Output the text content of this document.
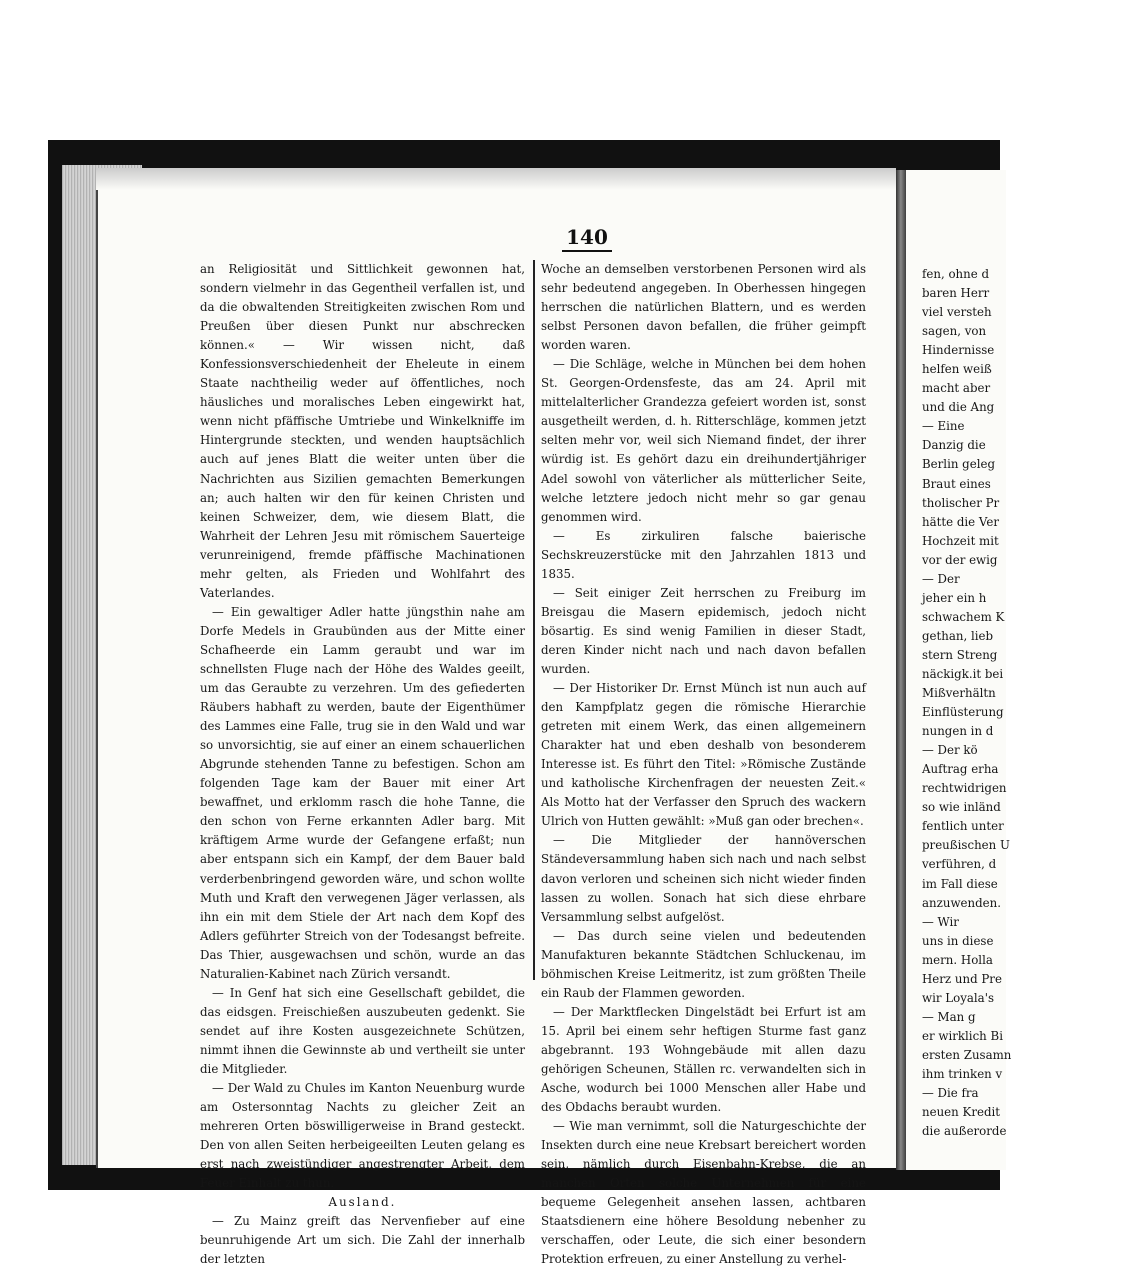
140

an Religiosität und Sittlichkeit gewonnen hat, sondern vielmehr in das Gegentheil verfallen ist, und da die obwaltenden Streitigkeiten zwischen Rom und Preußen über diesen Punkt nur abschrecken können.« — Wir wissen nicht, daß Konfessionsverschiedenheit der Eheleute in einem Staate nachtheilig weder auf öffentliches, noch häusliches und moralisches Leben eingewirkt hat, wenn nicht pfäffische Umtriebe und Winkelkniffe im Hintergrunde steckten, und wenden hauptsächlich auch auf jenes Blatt die weiter unten über die Nachrichten aus Sizilien gemachten Bemerkungen an; auch halten wir den für keinen Christen und keinen Schweizer, dem, wie diesem Blatt, die Wahrheit der Lehren Jesu mit römischem Sauerteige verunreinigend, fremde pfäffische Machinationen mehr gelten, als Frieden und Wohlfahrt des Vaterlandes.

— Ein gewaltiger Adler hatte jüngsthin nahe am Dorfe Medels in Graubünden aus der Mitte einer Schafheerde ein Lamm geraubt und war im schnellsten Fluge nach der Höhe des Waldes geeilt, um das Geraubte zu verzehren. Um des gefiederten Räubers habhaft zu werden, baute der Eigenthümer des Lammes eine Falle, trug sie in den Wald und war so unvorsichtig, sie auf einer an einem schauerlichen Abgrunde stehenden Tanne zu befestigen. Schon am folgenden Tage kam der Bauer mit einer Art bewaffnet, und erklomm rasch die hohe Tanne, die den schon von Ferne erkannten Adler barg. Mit kräftigem Arme wurde der Gefangene erfaßt; nun aber entspann sich ein Kampf, der dem Bauer bald verderbenbringend geworden wäre, und schon wollte Muth und Kraft den verwegenen Jäger verlassen, als ihn ein mit dem Stiele der Art nach dem Kopf des Adlers geführter Streich von der Todesangst befreite. Das Thier, ausgewachsen und schön, wurde an das Naturalien-Kabinet nach Zürich versandt.

— In Genf hat sich eine Gesellschaft gebildet, die das eidsgen. Freischießen auszubeuten gedenkt. Sie sendet auf ihre Kosten ausgezeichnete Schützen, nimmt ihnen die Gewinnste ab und vertheilt sie unter die Mitglieder.

— Der Wald zu Chules im Kanton Neuenburg wurde am Ostersonntag Nachts zu gleicher Zeit an mehreren Orten böswilligerweise in Brand gesteckt. Den von allen Seiten herbeigeeilten Leuten gelang es erst nach zweistündiger angestrengter Arbeit, dem Feuer Einhalt zu thun.

Ausland.

— Zu Mainz greift das Nervenfieber auf eine beunruhigende Art um sich. Die Zahl der innerhalb der letzten

Woche an demselben verstorbenen Personen wird als sehr bedeutend angegeben. In Oberhessen hingegen herrschen die natürlichen Blattern, und es werden selbst Personen davon befallen, die früher geimpft worden waren.

— Die Schläge, welche in München bei dem hohen St. Georgen-Ordensfeste, das am 24. April mit mittelalterlicher Grandezza gefeiert worden ist, sonst ausgetheilt werden, d. h. Ritterschläge, kommen jetzt selten mehr vor, weil sich Niemand findet, der ihrer würdig ist. Es gehört dazu ein dreihundertjähriger Adel sowohl von väterlicher als mütterlicher Seite, welche letztere jedoch nicht mehr so gar genau genommen wird.

— Es zirkuliren falsche baierische Sechskreuzerstücke mit den Jahrzahlen 1813 und 1835.

— Seit einiger Zeit herrschen zu Freiburg im Breisgau die Masern epidemisch, jedoch nicht bösartig. Es sind wenig Familien in dieser Stadt, deren Kinder nicht nach und nach davon befallen wurden.

— Der Historiker Dr. Ernst Münch ist nun auch auf den Kampfplatz gegen die römische Hierarchie getreten mit einem Werk, das einen allgemeinern Charakter hat und eben deshalb von besonderem Interesse ist. Es führt den Titel: »Römische Zustände und katholische Kirchenfragen der neuesten Zeit.« Als Motto hat der Verfasser den Spruch des wackern Ulrich von Hutten gewählt: »Muß gan oder brechen«.

— Die Mitglieder der hannöverschen Ständeversammlung haben sich nach und nach selbst davon verloren und scheinen sich nicht wieder finden lassen zu wollen. Sonach hat sich diese ehrbare Versammlung selbst aufgelöst.

— Das durch seine vielen und bedeutenden Manufakturen bekannte Städtchen Schluckenau, im böhmischen Kreise Leitmeritz, ist zum größten Theile ein Raub der Flammen geworden.

— Der Marktflecken Dingelstädt bei Erfurt ist am 15. April bei einem sehr heftigen Sturme fast ganz abgebrannt. 193 Wohngebäude mit allen dazu gehörigen Scheunen, Ställen rc. verwandelten sich in Asche, wodurch bei 1000 Menschen aller Habe und des Obdachs beraubt wurden.

— Wie man vernimmt, soll die Naturgeschichte der Insekten durch eine neue Krebsart bereichert worden sein, nämlich durch Eisenbahn-Krebse, die an manchen Orten solche Unternehmen für eine bequeme Gelegenheit ansehen lassen, achtbaren Staatsdienern eine höhere Besoldung nebenher zu verschaffen, oder Leute, die sich einer besondern Protektion erfreuen, zu einer Anstellung zu verhel-

fen, ohne d
baren Herr
viel versteh
sagen, von
Hindernisse
helfen weiß
macht aber
und die Ang
— Eine
Danzig die
Berlin geleg
Braut eines
tholischer Pr
hätte die Ver
Hochzeit mit
vor der ewig
— Der
jeher ein h
schwachem K
gethan, lieb
stern Streng
näckigk.it bei
Mißverhältn
Einflüsterung
nungen in d
— Der kö
Auftrag erha
rechtwidrigen
so wie inländ
fentlich unter
preußischen U
verführen, d
im Fall diese
anzuwenden.
— Wir
uns in diese
mern. Holla
Herz und Pre
wir Loyala's
— Man g
er wirklich Bi
ersten Zusamn
ihm trinken v
— Die fra
neuen Kredit
die außerorde
